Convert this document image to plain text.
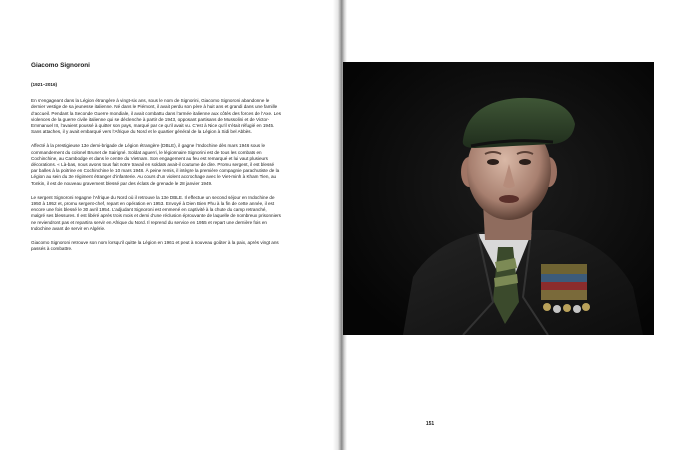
Giacomo Signoroni

(1921–2016)

En s’engageant dans la Légion étrangère à vingt-six ans, sous le nom de Signorini, Giacomo Signoroni abandonne le dernier vestige de sa jeunesse italienne. Né dans le Piémont, il avait perdu son père à huit ans et grandi dans une famille d’accueil. Pendant la Seconde Guerre mondiale, il avait combattu dans l’armée italienne aux côtés des forces de l’Axe. Les violences de la guerre civile italienne qui se déclenche à partir de 1943, opposant partisans de Mussolini et de Victor-Emmanuel III, l’avaient poussé à quitter son pays, marqué par ce qu’il avait vu. C’est à Nice qu’il s’était réfugié en 1945. Sans attaches, il y avait embarqué vers l’Afrique du Nord et le quartier général de la Légion à Sidi bel Abbès.

Affecté à la prestigieuse 13e demi-brigade de Légion étrangère (DBLE), il gagne l’Indochine dès mars 1946 sous le commandement du colonel Brunet de Sairigné. Soldat aguerri, le légionnaire Signorini est de tous les combats en Cochinchine, au Cambodge et dans le centre du Vietnam. Son engagement au feu est remarqué et lui vaut plusieurs décorations. « Là-bas, nous avons tous fait notre travail en soldats avait-il coutume de dire. Promu sergent, il est blessé par balles à la poitrine en Cochinchine le 10 mars 1948. À peine remis, il intègre la première compagnie parachutiste de la Légion au sein du 3e régiment étranger d’infanterie. Au cours d’un violent accrochage avec le Viet-minh à Kham Tien, au Tonkin, il est de nouveau gravement blessé par des éclats de grenade le 28 janvier 1949.

Le sergent Signoroni regagne l’Afrique du Nord où il retrouve la 13e DBLE. Il effectue un second séjour en Indochine de 1950 à 1952 et, promu sergent-chef, repart en opération en 1953. Envoyé à Dien Bien Phu à la fin de cette année, il est encore une fois blessé le 30 avril 1954. L’adjudant Signoroni est emmené en captivité à la chute du camp retranché, malgré ses blessures. Il est libéré après trois mois et demi d’une réclusion éprouvante de laquelle de nombreux prisonniers ne reviendront pas et repartira servir en Afrique du Nord. Il reprend du service en 1955 et repart une dernière fois en Indochine avant de servir en Algérie.

Giacomo Signoroni retrouve son nom lorsqu’il quitte la Légion en 1961 et peut à nouveau goûter à la paix, après vingt ans passés à combattre.

151
